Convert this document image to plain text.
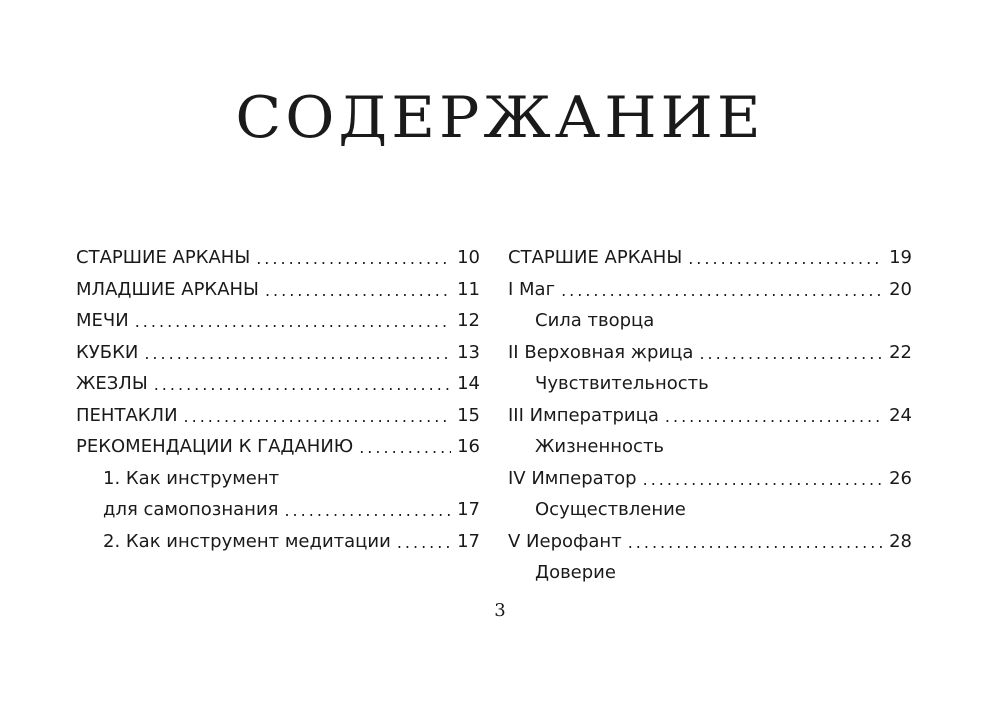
СОДЕРЖАНИЕ
СТАРШИЕ АРКАНЫ .....	10
МЛАДШИЕ АРКАНЫ .....	11
МЕЧИ .....	12
КУБКИ .....	13
ЖЕЗЛЫ .....	14
ПЕНТАКЛИ .....	15
РЕКОМЕНДАЦИИ К ГАДАНИЮ .....	16
1. Как инструмент
для самопознания .....	17
2. Как инструмент медитации .....	17
СТАРШИЕ АРКАНЫ .....	19
I Маг .....	20
Сила творца
II Верховная жрица .....	22
Чувствительность
III Императрица .....	24
Жизненность
IV Император .....	26
Осуществление
V Иерофант .....	28
Доверие
3
